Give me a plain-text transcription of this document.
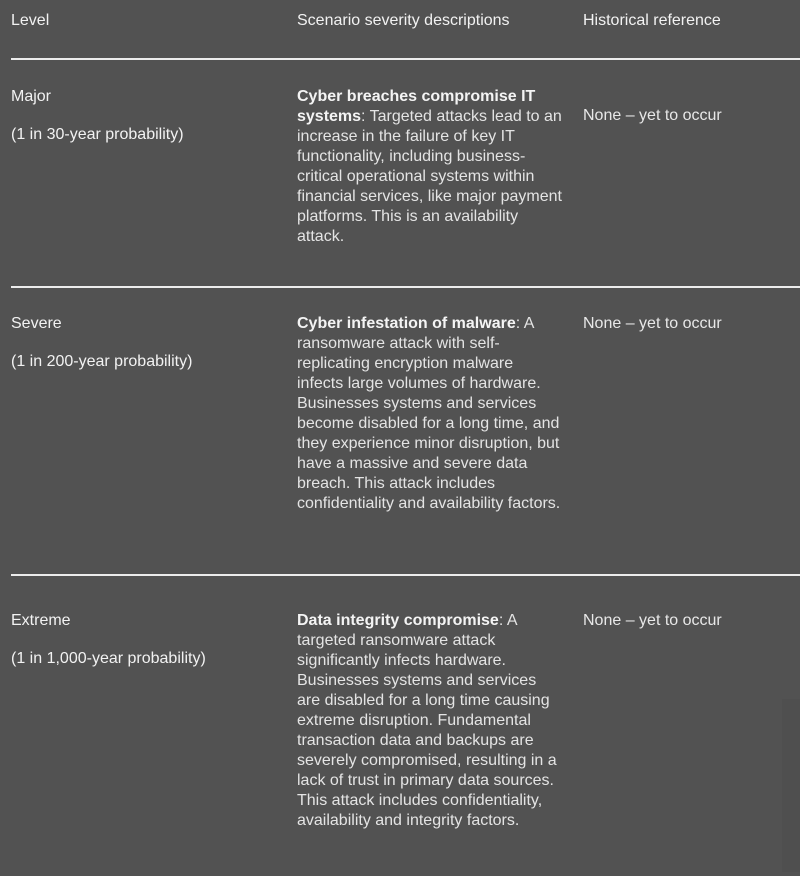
Level	Scenario severity descriptions	Historical reference
Major
(1 in 30-year probability)
Cyber breaches compromise IT systems: Targeted attacks lead to an increase in the failure of key IT functionality, including business-critical operational systems within financial services, like major payment platforms. This is an availability attack.
None – yet to occur
Severe
(1 in 200-year probability)
Cyber infestation of malware: A ransomware attack with self-replicating encryption malware infects large volumes of hardware. Businesses systems and services become disabled for a long time, and they experience minor disruption, but have a massive and severe data breach. This attack includes confidentiality and availability factors.
None – yet to occur
Extreme
(1 in 1,000-year probability)
Data integrity compromise: A targeted ransomware attack significantly infects hardware. Businesses systems and services are disabled for a long time causing extreme disruption. Fundamental transaction data and backups are severely compromised, resulting in a lack of trust in primary data sources. This attack includes confidentiality, availability and integrity factors.
None – yet to occur
